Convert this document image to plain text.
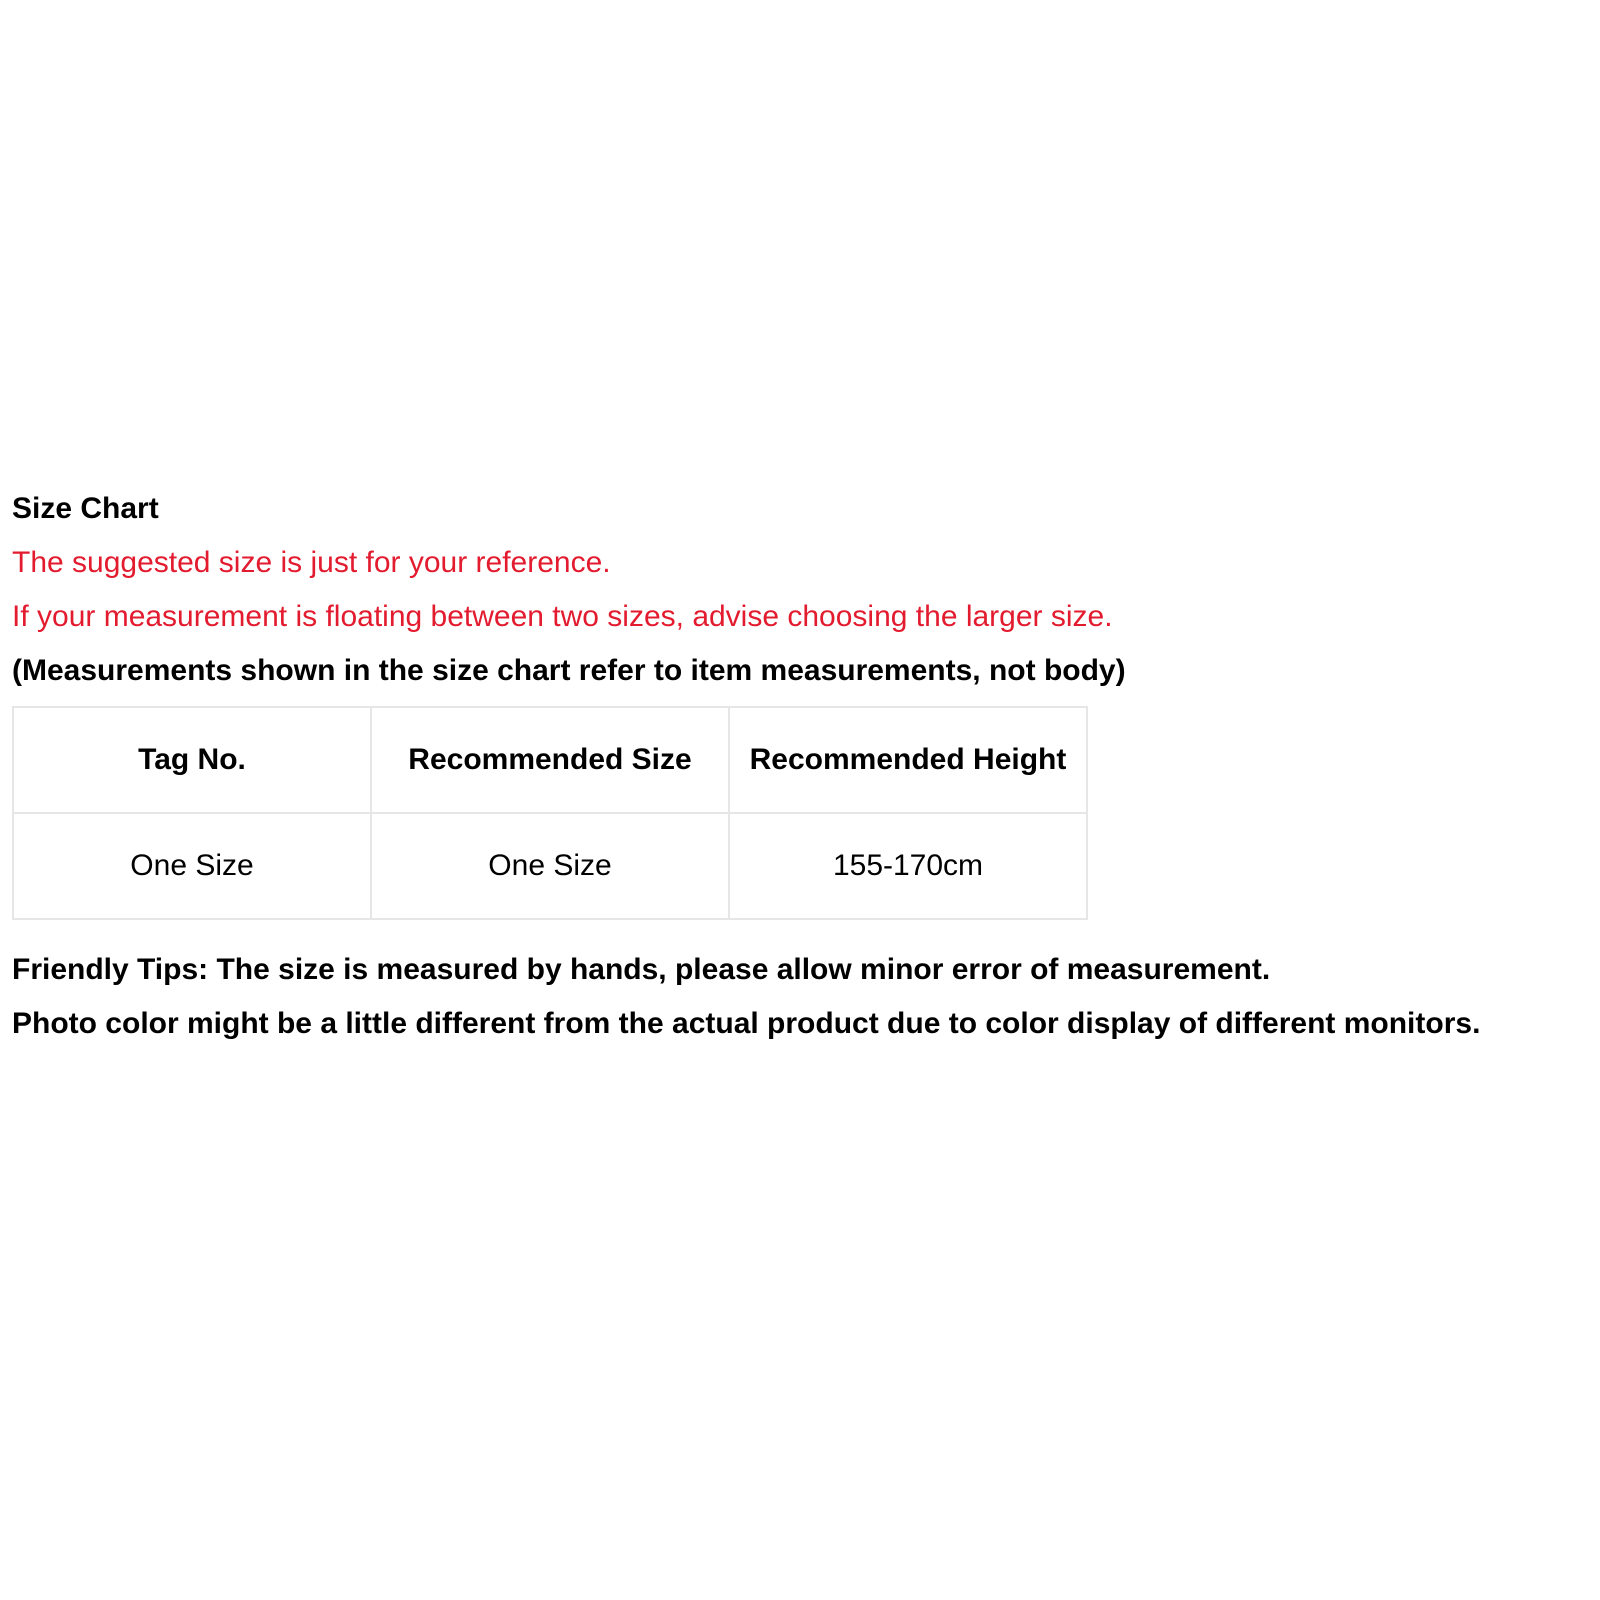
Size Chart
The suggested size is just for your reference.
If your measurement is floating between two sizes, advise choosing the larger size.
(Measurements shown in the size chart refer to item measurements, not body)
Tag No.	Recommended Size	Recommended Height
One Size	One Size	155-170cm
Friendly Tips: The size is measured by hands, please allow minor error of measurement.
Photo color might be a little different from the actual product due to color display of different monitors.
